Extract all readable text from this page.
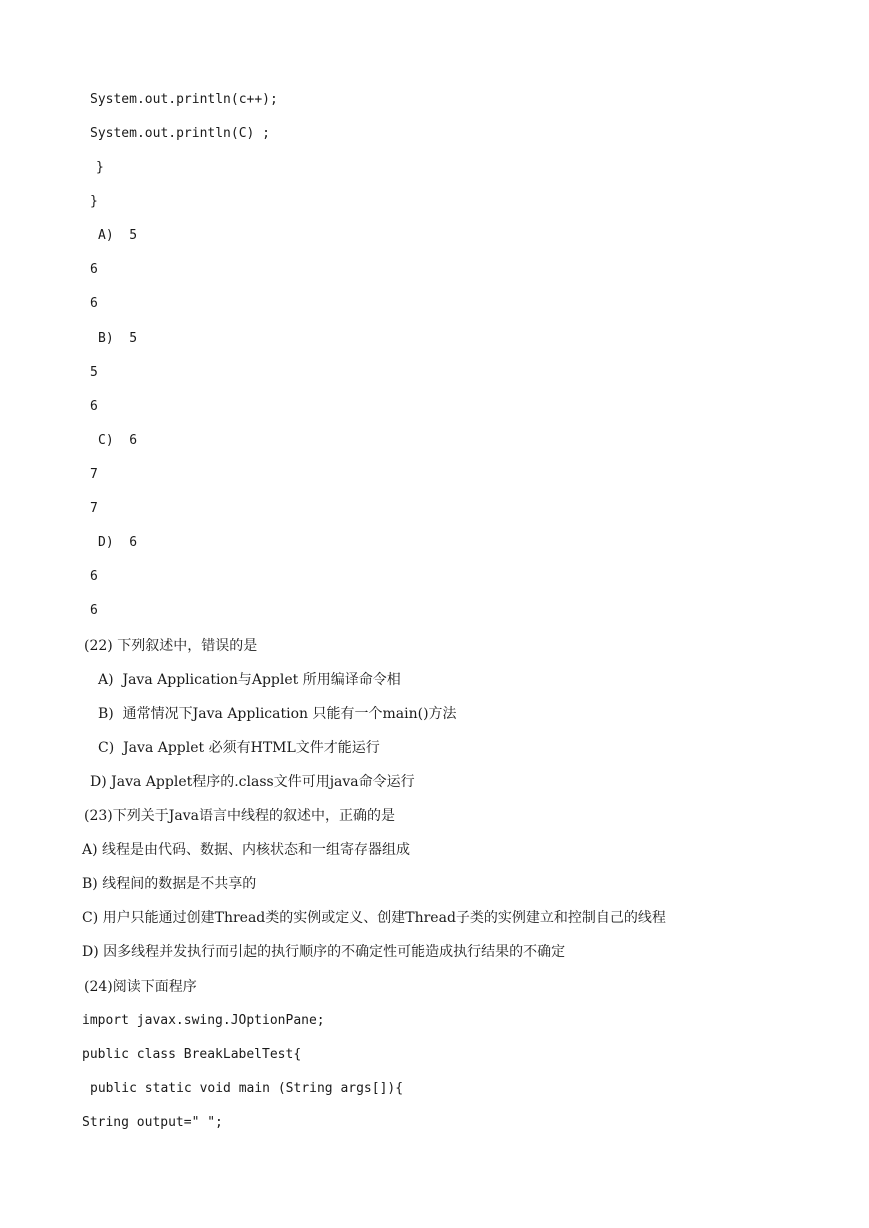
System.out.println(c++);
System.out.println(C) ;
}
}
A)  5
6
6
B)  5
5
6
C)  6
7
7
D)  6
6
6
(22) 下列叙述中，错误的是
A)  Java Application与Applet 所用编译命令相
B)  通常情况下Java Application 只能有一个main()方法
C)  Java Applet 必须有HTML文件才能运行
D) Java Applet程序的.class文件可用java命令运行
(23)下列关于Java语言中线程的叙述中，正确的是
A) 线程是由代码、数据、内核状态和一组寄存器组成
B) 线程间的数据是不共享的
C) 用户只能通过创建Thread类的实例或定义、创建Thread子类的实例建立和控制自己的线程
D) 因多线程并发执行而引起的执行顺序的不确定性可能造成执行结果的不确定
(24)阅读下面程序
import javax.swing.JOptionPane;
public class BreakLabelTest{
public static void main (String args[]){
String output=" ";
